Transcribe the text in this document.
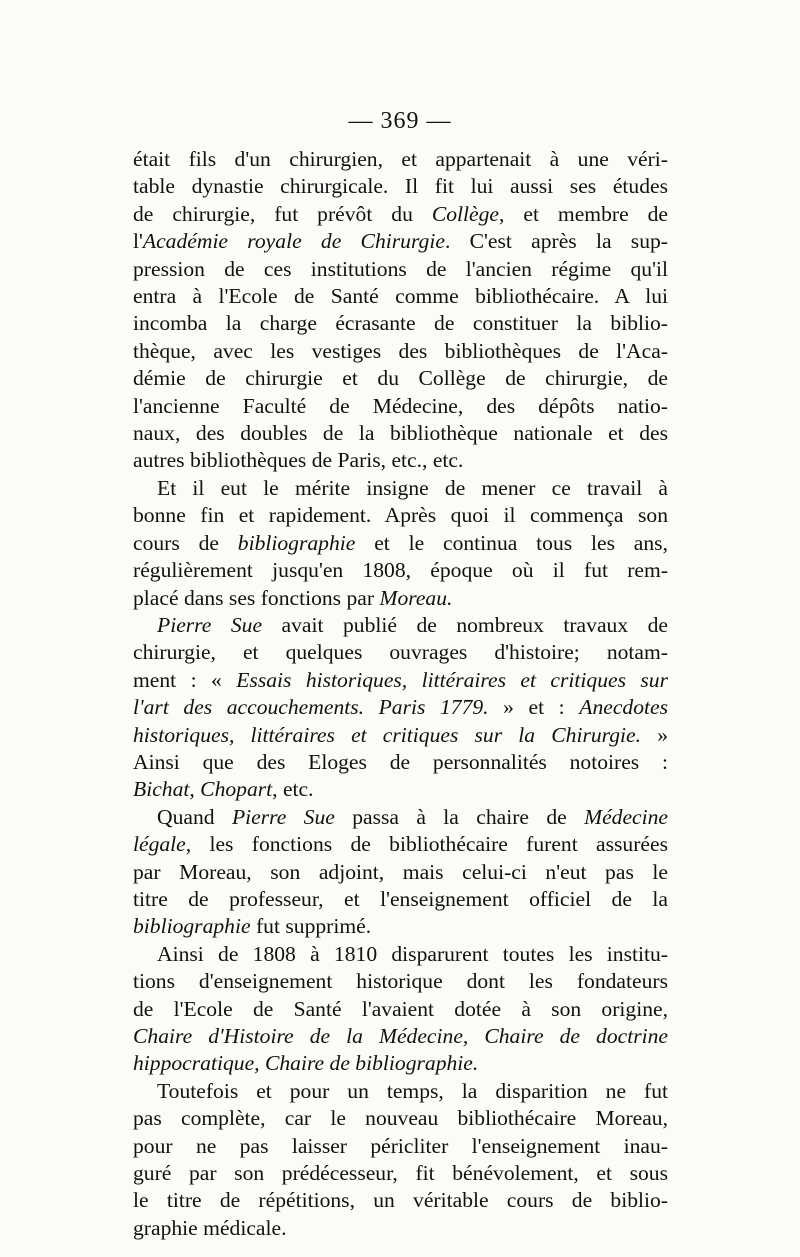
— 369 —

était fils d'un chirurgien, et appartenait à une véri-
table dynastie chirurgicale. Il fit lui aussi ses études
de chirurgie, fut prévôt du Collège, et membre de
l'Académie royale de Chirurgie. C'est après la sup-
pression de ces institutions de l'ancien régime qu'il
entra à l'Ecole de Santé comme bibliothécaire. A lui
incomba la charge écrasante de constituer la biblio-
thèque, avec les vestiges des bibliothèques de l'Aca-
démie de chirurgie et du Collège de chirurgie, de
l'ancienne Faculté de Médecine, des dépôts natio-
naux, des doubles de la bibliothèque nationale et des
autres bibliothèques de Paris, etc., etc.

Et il eut le mérite insigne de mener ce travail à
bonne fin et rapidement. Après quoi il commença son
cours de bibliographie et le continua tous les ans,
régulièrement jusqu'en 1808, époque où il fut rem-
placé dans ses fonctions par Moreau.

Pierre Sue avait publié de nombreux travaux de
chirurgie, et quelques ouvrages d'histoire; notam-
ment : « Essais historiques, littéraires et critiques sur
l'art des accouchements. Paris 1779. » et : Anecdotes
historiques, littéraires et critiques sur la Chirurgie. »
Ainsi que des Eloges de personnalités notoires :
Bichat, Chopart, etc.

Quand Pierre Sue passa à la chaire de Médecine
légale, les fonctions de bibliothécaire furent assurées
par Moreau, son adjoint, mais celui-ci n'eut pas le
titre de professeur, et l'enseignement officiel de la
bibliographie fut supprimé.

Ainsi de 1808 à 1810 disparurent toutes les institu-
tions d'enseignement historique dont les fondateurs
de l'Ecole de Santé l'avaient dotée à son origine,
Chaire d'Histoire de la Médecine, Chaire de doctrine
hippocratique, Chaire de bibliographie.

Toutefois et pour un temps, la disparition ne fut
pas complète, car le nouveau bibliothécaire Moreau,
pour ne pas laisser péricliter l'enseignement inau-
guré par son prédécesseur, fit bénévolement, et sous
le titre de répétitions, un véritable cours de biblio-
graphie médicale.
